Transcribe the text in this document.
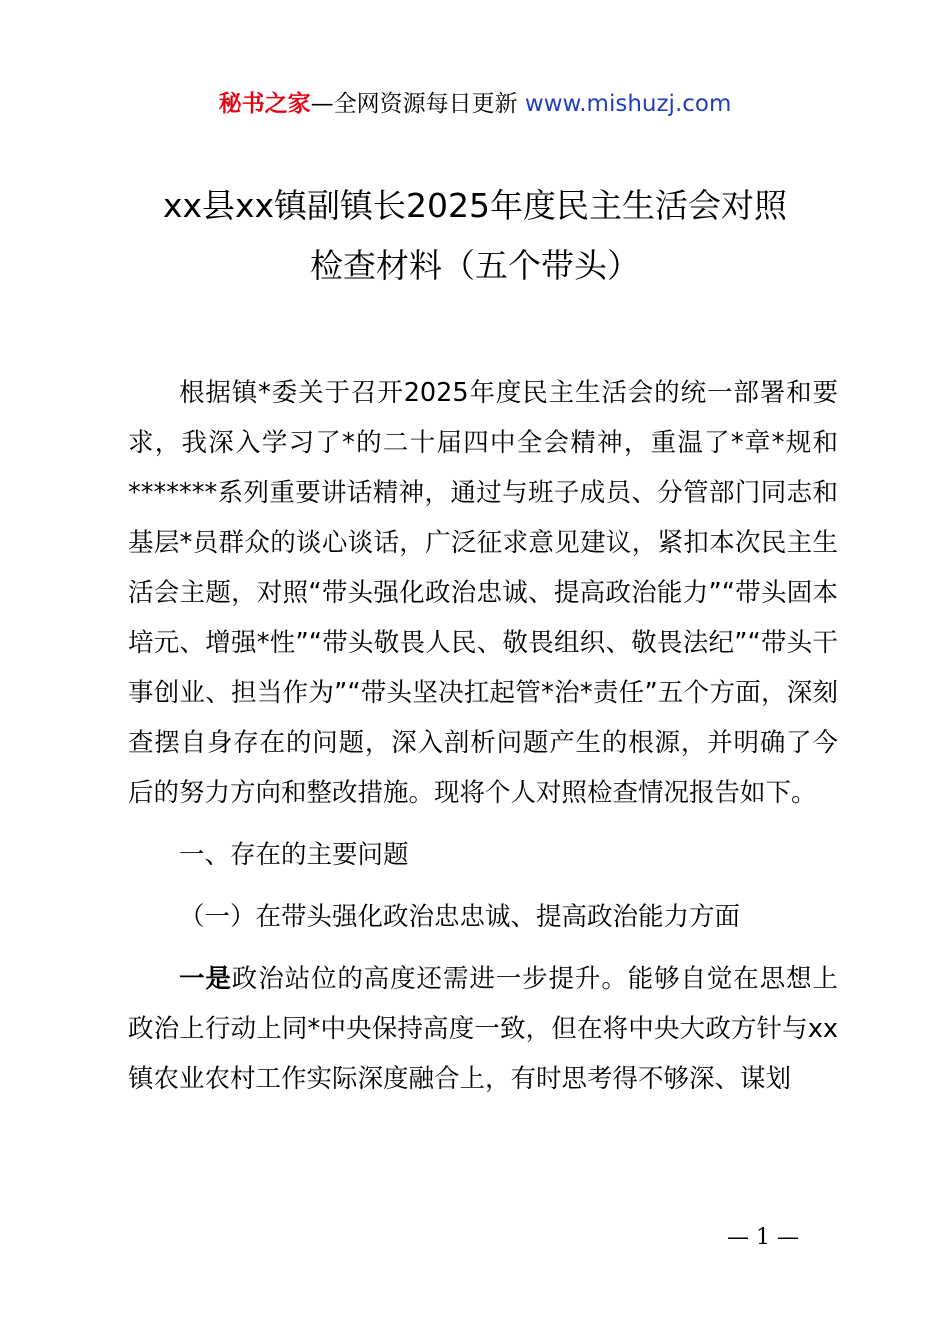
秘书之家—全网资源每日更新 www.mishuzj.com
xx县xx镇副镇长2025年度民主生活会对照
检查材料（五个带头）

根据镇*委关于召开2025年度民主生活会的统一部署和要求，我深入学习了*的二十届四中全会精神，重温了*章*规和*******系列重要讲话精神，通过与班子成员、分管部门同志和基层*员群众的谈心谈话，广泛征求意见建议，紧扣本次民主生活会主题，对照“带头强化政治忠诚、提高政治能力”“带头固本培元、增强*性”“带头敬畏人民、敬畏组织、敬畏法纪”“带头干事创业、担当作为”“带头坚决扛起管*治*责任”五个方面，深刻查摆自身存在的问题，深入剖析问题产生的根源，并明确了今后的努力方向和整改措施。现将个人对照检查情况报告如下。

一、存在的主要问题

（一）在带头强化政治忠忠诚、提高政治能力方面

一是政治站位的高度还需进一步提升。能够自觉在思想上政治上行动上同*中央保持高度一致，但在将中央大政方针与xx镇农业农村工作实际深度融合上，有时思考得不够深、谋划

— 1 —
